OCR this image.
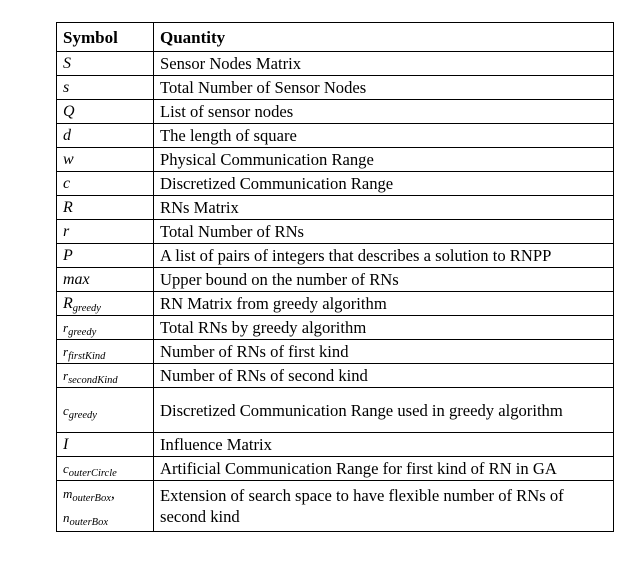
Symbol	Quantity
S	Sensor Nodes Matrix
s	Total Number of Sensor Nodes
Q	List of sensor nodes
d	The length of square
w	Physical Communication Range
c	Discretized Communication Range
R	RNs Matrix
r	Total Number of RNs
P	A list of pairs of integers that describes a solution to RNPP
max	Upper bound on the number of RNs
$R_{greedy}$	RN Matrix from greedy algorithm
$r_{greedy}$	Total RNs by greedy algorithm
$r_{firstKind}$	Number of RNs of first kind
$r_{secondKind}$	Number of RNs of second kind
$c_{greedy}$	Discretized Communication Range used in greedy algorithm
I	Influence Matrix
$c_{outerCircle}$	Artificial Communication Range for first kind of RN in GA

$m_{outerBox}$,
$n_{outerBox}$	Extension of search space to have flexible number of RNs of second kind
